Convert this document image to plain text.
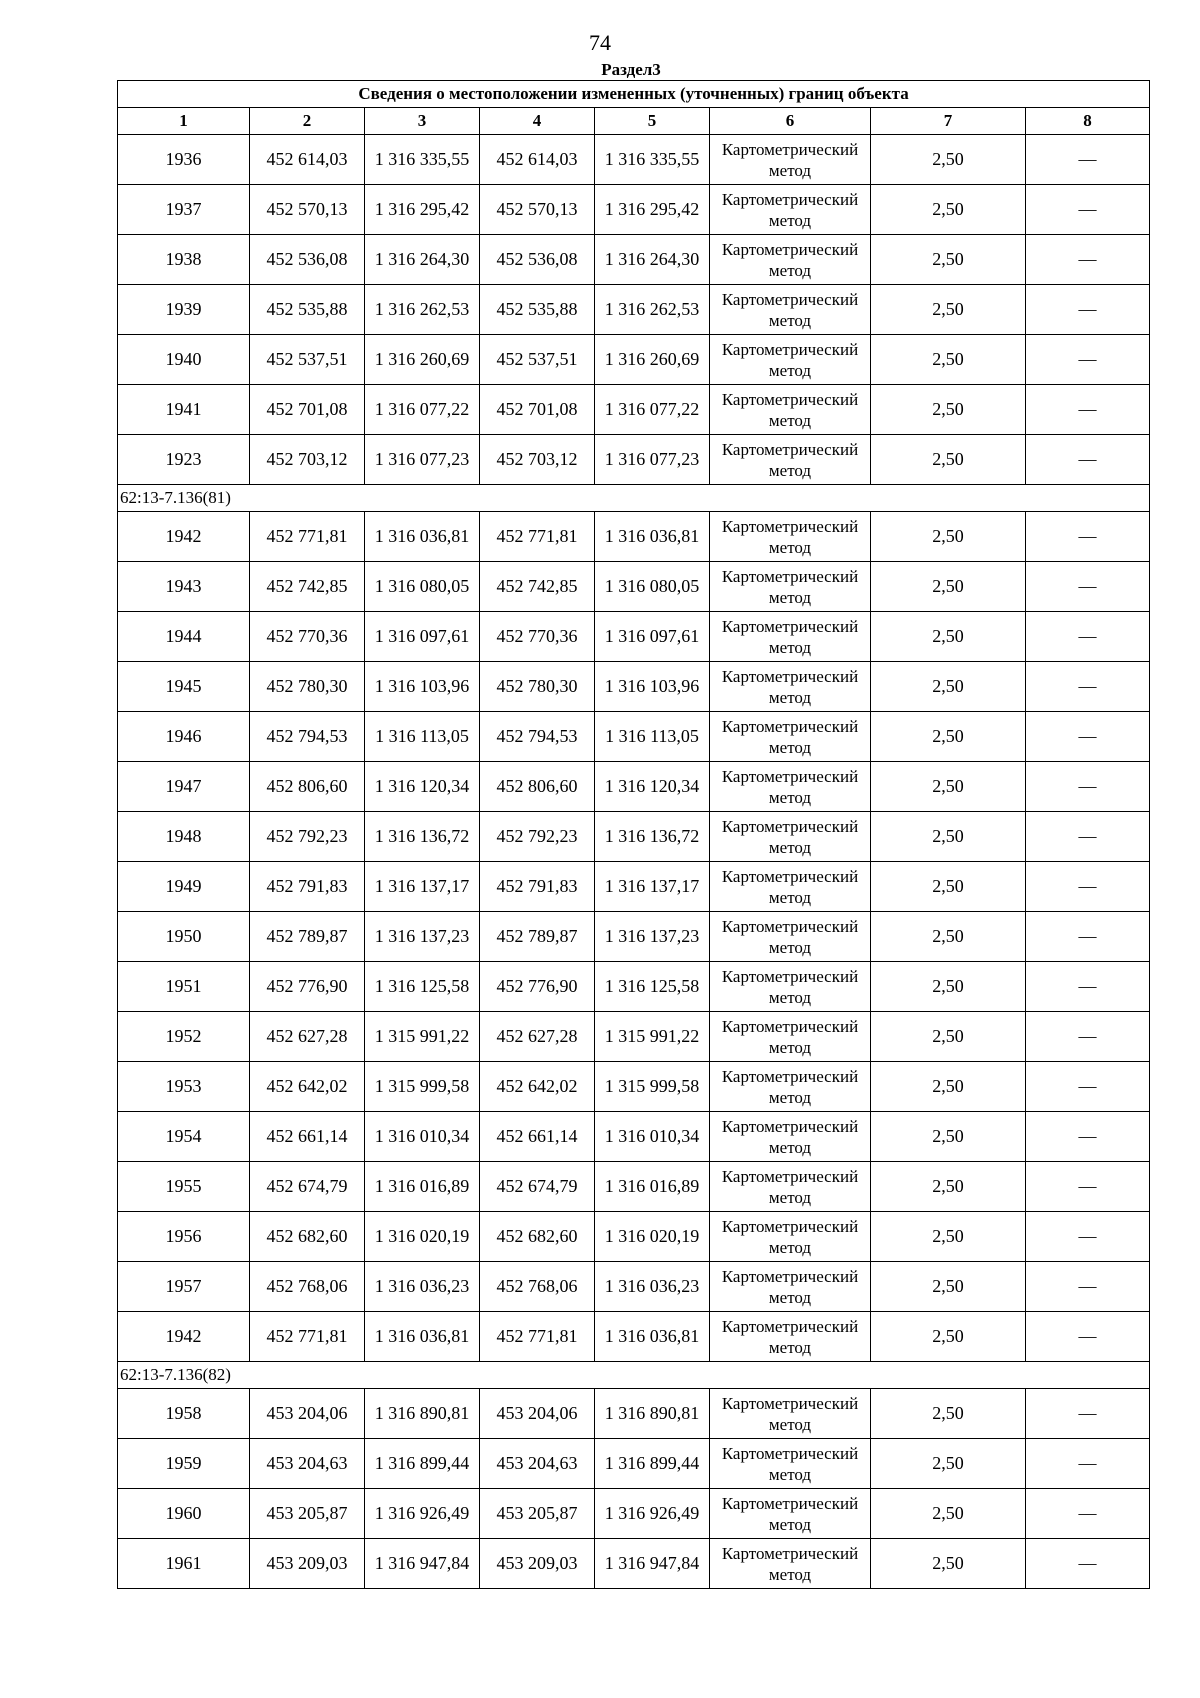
74
Раздел3
Сведения о местоположении измененных (уточненных) границ объекта							
1	2	3	4	5	6	7	8
1936	452 614,03	1 316 335,55	452 614,03	1 316 335,55	Картометрический метод	2,50	—
1937	452 570,13	1 316 295,42	452 570,13	1 316 295,42	Картометрический метод	2,50	—
1938	452 536,08	1 316 264,30	452 536,08	1 316 264,30	Картометрический метод	2,50	—
1939	452 535,88	1 316 262,53	452 535,88	1 316 262,53	Картометрический метод	2,50	—
1940	452 537,51	1 316 260,69	452 537,51	1 316 260,69	Картометрический метод	2,50	—
1941	452 701,08	1 316 077,22	452 701,08	1 316 077,22	Картометрический метод	2,50	—
1923	452 703,12	1 316 077,23	452 703,12	1 316 077,23	Картометрический метод	2,50	—
62:13-7.136(81)							
1942	452 771,81	1 316 036,81	452 771,81	1 316 036,81	Картометрический метод	2,50	—
1943	452 742,85	1 316 080,05	452 742,85	1 316 080,05	Картометрический метод	2,50	—
1944	452 770,36	1 316 097,61	452 770,36	1 316 097,61	Картометрический метод	2,50	—
1945	452 780,30	1 316 103,96	452 780,30	1 316 103,96	Картометрический метод	2,50	—
1946	452 794,53	1 316 113,05	452 794,53	1 316 113,05	Картометрический метод	2,50	—
1947	452 806,60	1 316 120,34	452 806,60	1 316 120,34	Картометрический метод	2,50	—
1948	452 792,23	1 316 136,72	452 792,23	1 316 136,72	Картометрический метод	2,50	—
1949	452 791,83	1 316 137,17	452 791,83	1 316 137,17	Картометрический метод	2,50	—
1950	452 789,87	1 316 137,23	452 789,87	1 316 137,23	Картометрический метод	2,50	—
1951	452 776,90	1 316 125,58	452 776,90	1 316 125,58	Картометрический метод	2,50	—
1952	452 627,28	1 315 991,22	452 627,28	1 315 991,22	Картометрический метод	2,50	—
1953	452 642,02	1 315 999,58	452 642,02	1 315 999,58	Картометрический метод	2,50	—
1954	452 661,14	1 316 010,34	452 661,14	1 316 010,34	Картометрический метод	2,50	—
1955	452 674,79	1 316 016,89	452 674,79	1 316 016,89	Картометрический метод	2,50	—
1956	452 682,60	1 316 020,19	452 682,60	1 316 020,19	Картометрический метод	2,50	—
1957	452 768,06	1 316 036,23	452 768,06	1 316 036,23	Картометрический метод	2,50	—
1942	452 771,81	1 316 036,81	452 771,81	1 316 036,81	Картометрический метод	2,50	—
62:13-7.136(82)							
1958	453 204,06	1 316 890,81	453 204,06	1 316 890,81	Картометрический метод	2,50	—
1959	453 204,63	1 316 899,44	453 204,63	1 316 899,44	Картометрический метод	2,50	—
1960	453 205,87	1 316 926,49	453 205,87	1 316 926,49	Картометрический метод	2,50	—
1961	453 209,03	1 316 947,84	453 209,03	1 316 947,84	Картометрический метод	2,50	—
